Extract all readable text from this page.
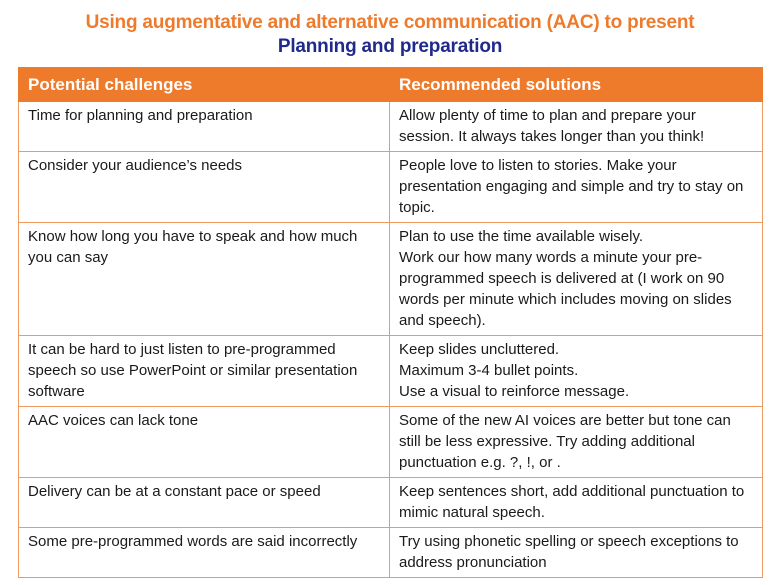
Using augmentative and alternative communication (AAC) to present
Planning and preparation
Potential challenges	Recommended solutions

Time for planning and preparation	Allow plenty of time to plan and prepare your session. It always takes longer than you think!

Consider your audience’s needs	People love to listen to stories. Make your presentation engaging and simple and try to stay on topic.

Know how long you have to speak and how much you can say	Plan to use the time available wisely.
Work our how many words a minute your pre-programmed speech is delivered at (I work on 90 words per minute which includes moving on slides and speech).

It can be hard to just listen to pre-programmed speech so use PowerPoint or similar presentation software	Keep slides uncluttered.
Maximum 3-4 bullet points.
Use a visual to reinforce message.

AAC voices can lack tone	Some of the new AI voices are better but tone can still be less expressive. Try adding additional punctuation e.g. ?, !, or .

Delivery can be at a constant pace or speed	Keep sentences short, add additional punctuation to mimic natural speech.

Some pre-programmed words are said incorrectly	Try using phonetic spelling or speech exceptions to address pronunciation
